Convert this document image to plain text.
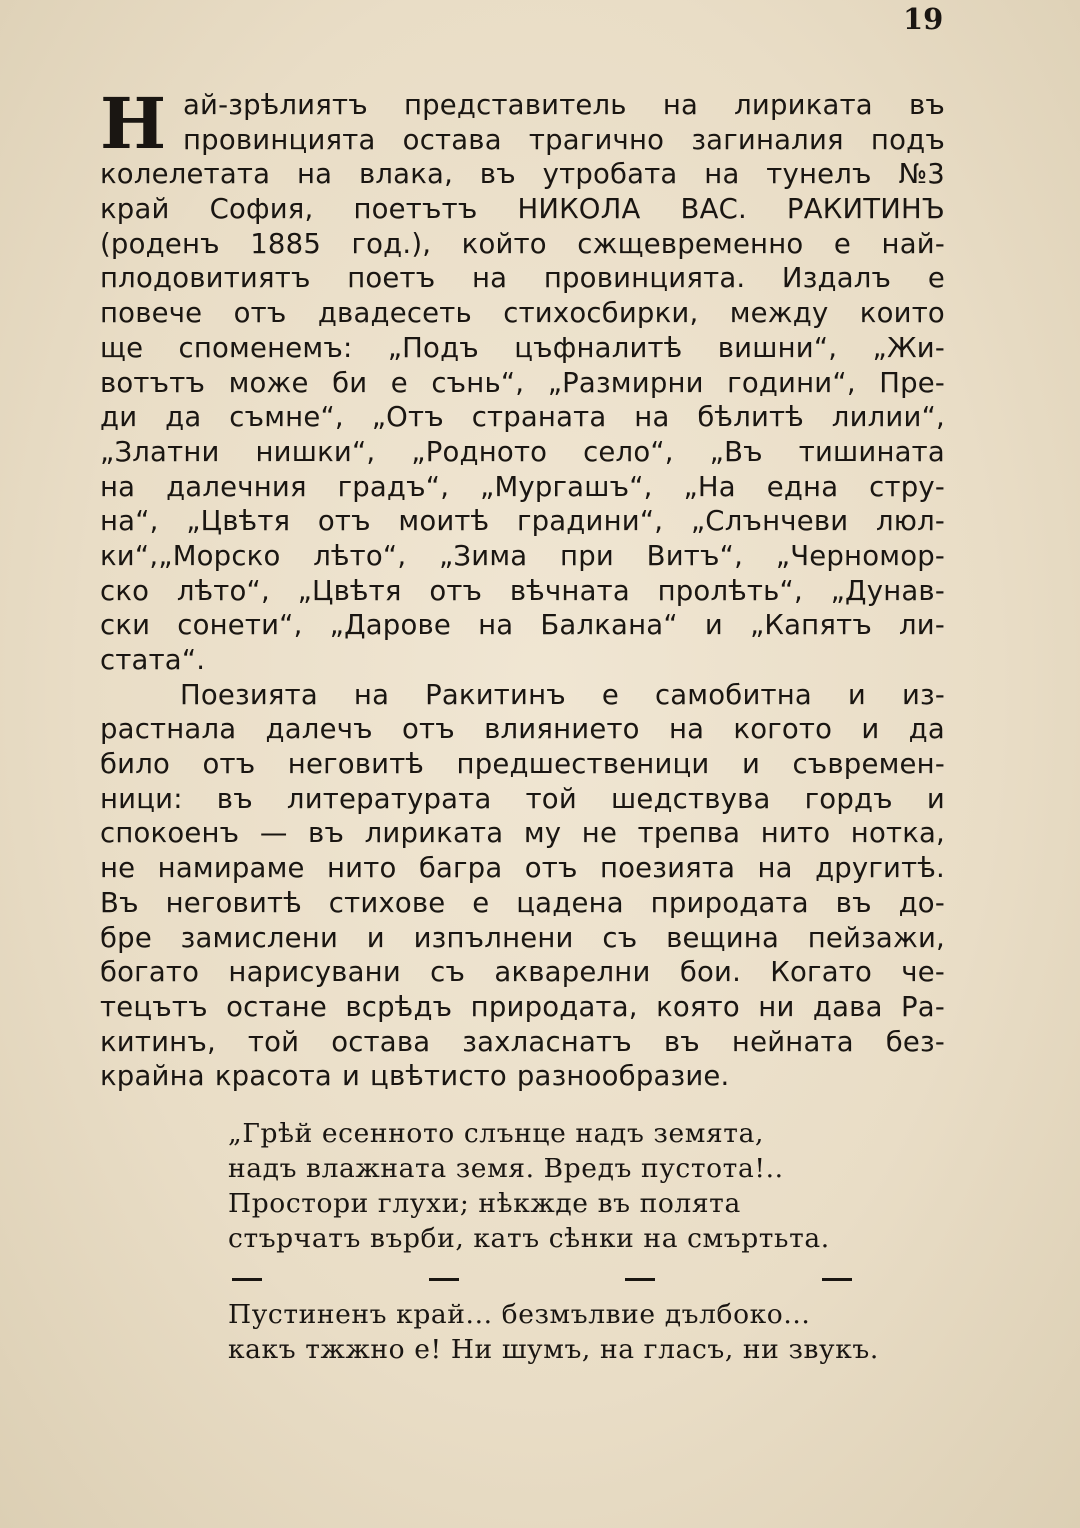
19
Н ай-зрѣлиятъ представитель на лириката въ
провинцията остава трагично загиналия подъ
колелетата на влака, въ утробата на тунелъ №3
край София, поетътъ НИКОЛА ВАС. РАКИТИНЪ
(роденъ 1885 год.), който сжщевременно е най-
плодовитиятъ поетъ на провинцията. Издалъ е
повече отъ двадесеть стихосбирки, между които
ще споменемъ: „Подъ цъфналитѣ вишни“, „Жи-
вотътъ може би е сънь“, „Размирни години“, Пре-
ди да съмне“, „Отъ страната на бѣлитѣ лилии“,
„Златни нишки“, „Родното село“, „Въ тишината
на далечния градъ“, „Мургашъ“, „На една стру-
на“, „Цвѣтя отъ моитѣ градини“, „Слънчеви люл-
ки“,„Морско лѣто“, „Зима при Витъ“, „Черномор-
ско лѣто“, „Цвѣтя отъ вѣчната пролѣть“, „Дунав-
ски сонети“, „Дарове на Балкана“ и „Капятъ ли-
стата“.
Поезията на Ракитинъ е самобитна и из-
растнала далечъ отъ влиянието на когото и да
било отъ неговитѣ предшественици и съвремен-
ници: въ литературата той шедствува гордъ и
спокоенъ — въ лириката му не трепва нито нотка,
не намираме нито багра отъ поезията на другитѣ.
Въ неговитѣ стихове е цадена природата въ до-
бре замислени и изпълнени съ вещина пейзажи,
богато нарисувани съ акварелни бои. Когато че-
тецътъ остане всрѣдъ природата, която ни дава Ра-
китинъ, той остава захласнатъ въ нейната без-
крайна красота и цвѣтисто разнообразие.
„Грѣй есенното слънце надъ земята,
надъ влажната земя. Вредъ пустота!..
Простори глухи; нѣкжде въ полята
стърчатъ върби, катъ сѣнки на смъртьта.
Пустиненъ край... безмълвие дълбоко...
какъ тжжно е! Ни шумъ, на гласъ, ни звукъ.
